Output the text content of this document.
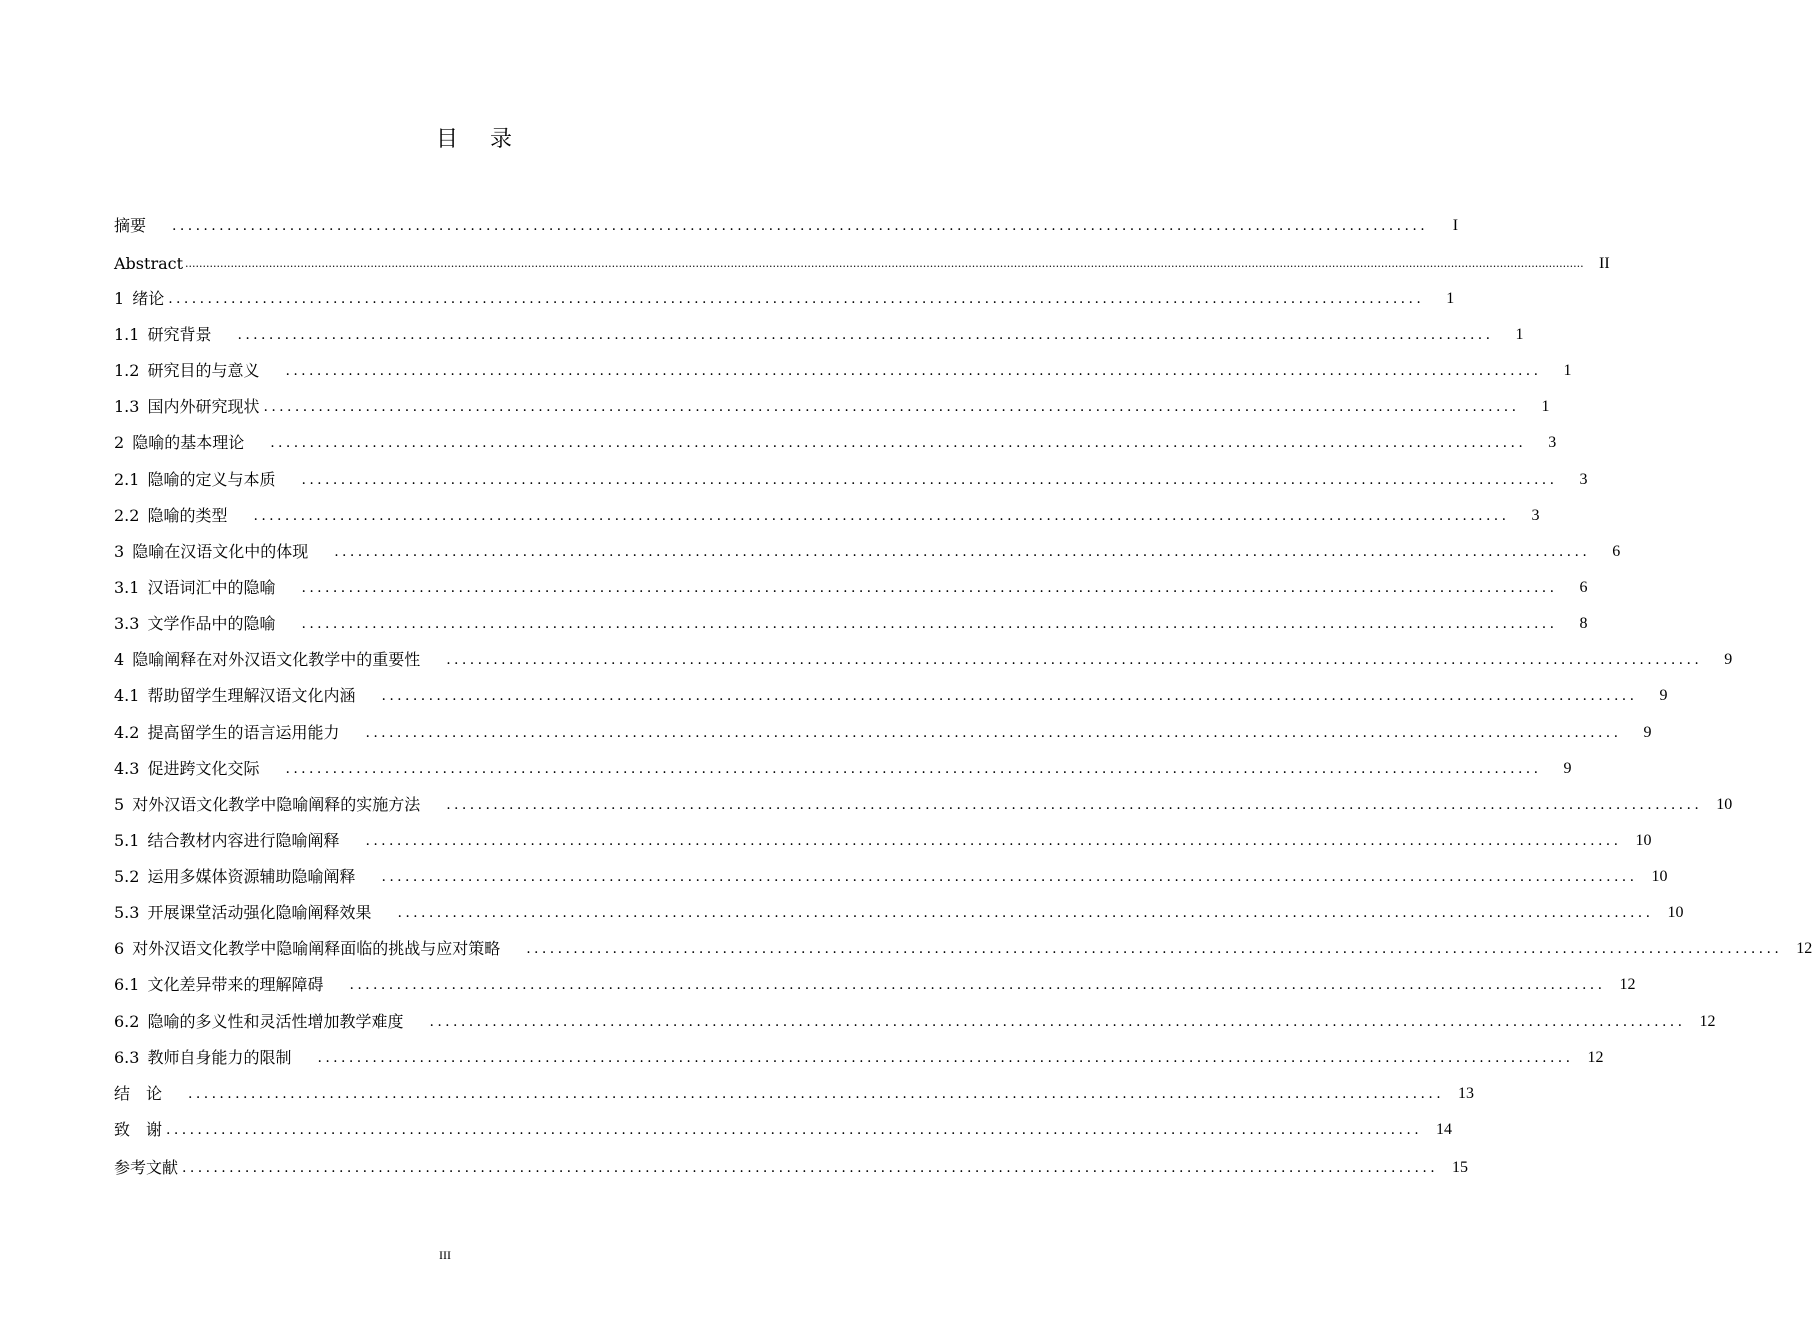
目 录
摘要 ................................................................................................................................................................	I
Abstract ................................................................................................................................................................................................................................................................................................................................................................................................................ II
1 绪论 ................................................................................................................................................................	1
1.1 研究背景 ................................................................................................................................................................	1
1.2 研究目的与意义 ................................................................................................................................................................	1
1.3 国内外研究现状 ................................................................................................................................................................	1
2 隐喻的基本理论 ................................................................................................................................................................	3
2.1 隐喻的定义与本质 ................................................................................................................................................................	3
2.2 隐喻的类型 ................................................................................................................................................................	3
3 隐喻在汉语文化中的体现 ................................................................................................................................................................	6
3.1 汉语词汇中的隐喻 ................................................................................................................................................................	6
3.3 文学作品中的隐喻 ................................................................................................................................................................	8
4 隐喻阐释在对外汉语文化教学中的重要性 ................................................................................................................................................................	9
4.1 帮助留学生理解汉语文化内涵 ................................................................................................................................................................	9
4.2 提高留学生的语言运用能力 ................................................................................................................................................................	9
4.3 促进跨文化交际 ................................................................................................................................................................	9
5 对外汉语文化教学中隐喻阐释的实施方法 ................................................................................................................................................................ 10
5.1 结合教材内容进行隐喻阐释 ................................................................................................................................................................ 10
5.2 运用多媒体资源辅助隐喻阐释 ................................................................................................................................................................ 10
5.3 开展课堂活动强化隐喻阐释效果 ................................................................................................................................................................ 10
6 对外汉语文化教学中隐喻阐释面临的挑战与应对策略 ................................................................................................................................................................ 12
6.1 文化差异带来的理解障碍 ................................................................................................................................................................ 12
6.2 隐喻的多义性和灵活性增加教学难度 ................................................................................................................................................................ 12
6.3 教师自身能力的限制 ................................................................................................................................................................ 12
结　论 ................................................................................................................................................................ 13
致　谢 ................................................................................................................................................................ 14
参考文献 ................................................................................................................................................................ 15
III
